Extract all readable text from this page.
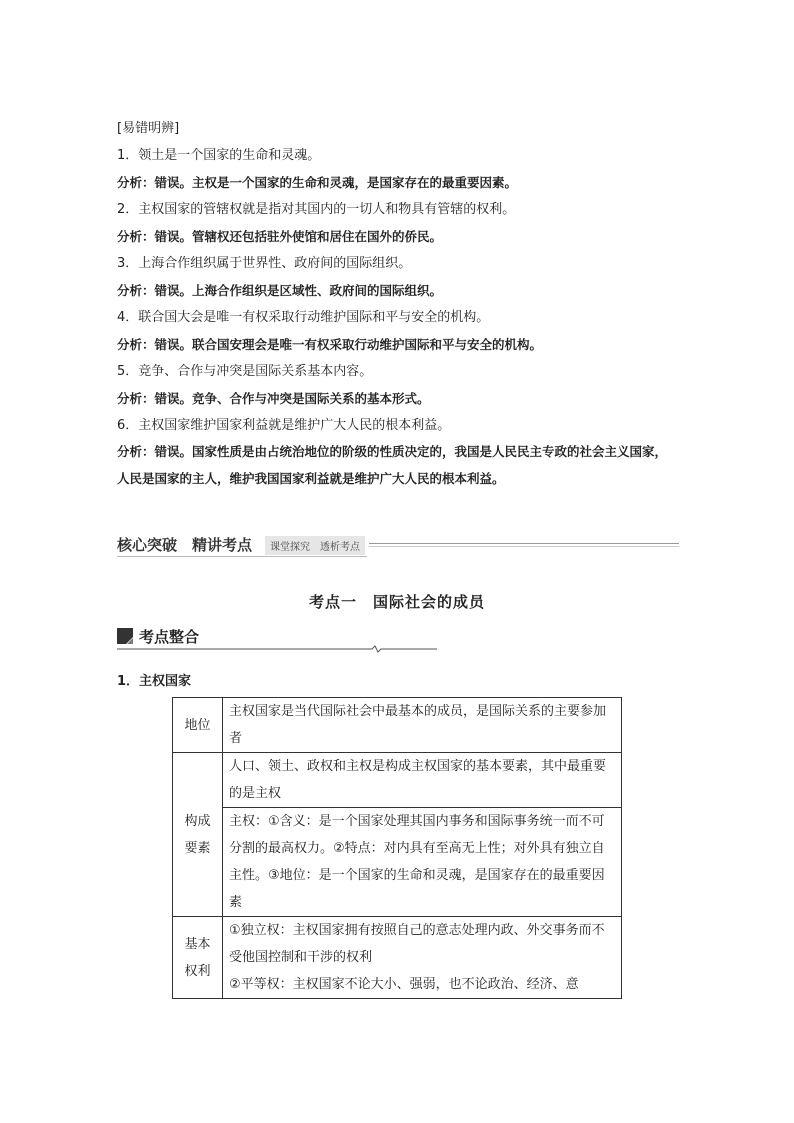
[易错明辨]
1．领土是一个国家的生命和灵魂。
分析：错误。主权是一个国家的生命和灵魂，是国家存在的最重要因素。
2．主权国家的管辖权就是指对其国内的一切人和物具有管辖的权利。
分析：错误。管辖权还包括驻外使馆和居住在国外的侨民。
3．上海合作组织属于世界性、政府间的国际组织。
分析：错误。上海合作组织是区域性、政府间的国际组织。
4．联合国大会是唯一有权采取行动维护国际和平与安全的机构。
分析：错误。联合国安理会是唯一有权采取行动维护国际和平与安全的机构。
5．竞争、合作与冲突是国际关系基本内容。
分析：错误。竞争、合作与冲突是国际关系的基本形式。
6．主权国家维护国家利益就是维护广大人民的根本利益。
分析：错误。国家性质是由占统治地位的阶级的性质决定的，我国是人民民主专政的社会主义国家，人民是国家的主人，维护我国国家利益就是维护广大人民的根本利益。
核心突破　精讲考点	课堂探究　透析考点
考点一　国际社会的成员
考点整合
1．主权国家
地位	主权国家是当代国际社会中最基本的成员，是国际关系的主要参加者
构成要素	人口、领土、政权和主权是构成主权国家的基本要素，其中最重要的是主权
	主权：①含义：是一个国家处理其国内事务和国际事务统一而不可分割的最高权力。②特点：对内具有至高无上性；对外具有独立自主性。③地位：是一个国家的生命和灵魂，是国家存在的最重要因素
基本权利	①独立权：主权国家拥有按照自己的意志处理内政、外交事务而不受他国控制和干涉的权利
②平等权：主权国家不论大小、强弱，也不论政治、经济、意
